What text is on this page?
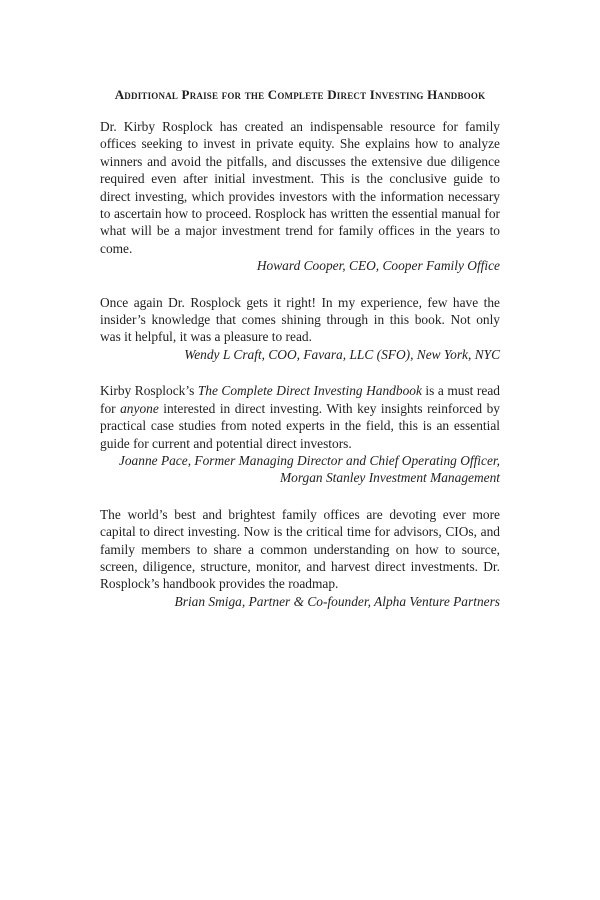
Additional Praise for the Complete Direct Investing Handbook

Dr. Kirby Rosplock has created an indispensable resource for family offices seeking to invest in private equity. She explains how to analyze winners and avoid the pitfalls, and discusses the extensive due diligence required even after initial investment. This is the conclusive guide to direct investing, which provides investors with the information necessary to ascertain how to proceed. Rosplock has written the essential manual for what will be a major investment trend for family offices in the years to come.

Howard Cooper, CEO, Cooper Family Office

Once again Dr. Rosplock gets it right! In my experience, few have the insider’s knowledge that comes shining through in this book. Not only was it helpful, it was a pleasure to read.

Wendy L Craft, COO, Favara, LLC (SFO), New York, NYC

Kirby Rosplock’s The Complete Direct Investing Handbook is a must read for anyone interested in direct investing. With key insights reinforced by practical case studies from noted experts in the field, this is an essential guide for current and potential direct investors.

Joanne Pace, Former Managing Director and Chief Operating Officer,
Morgan Stanley Investment Management

The world’s best and brightest family offices are devoting ever more capital to direct investing. Now is the critical time for advisors, CIOs, and family members to share a common understanding on how to source, screen, diligence, structure, monitor, and harvest direct investments. Dr. Rosplock’s handbook provides the roadmap.

Brian Smiga, Partner & Co-founder, Alpha Venture Partners
